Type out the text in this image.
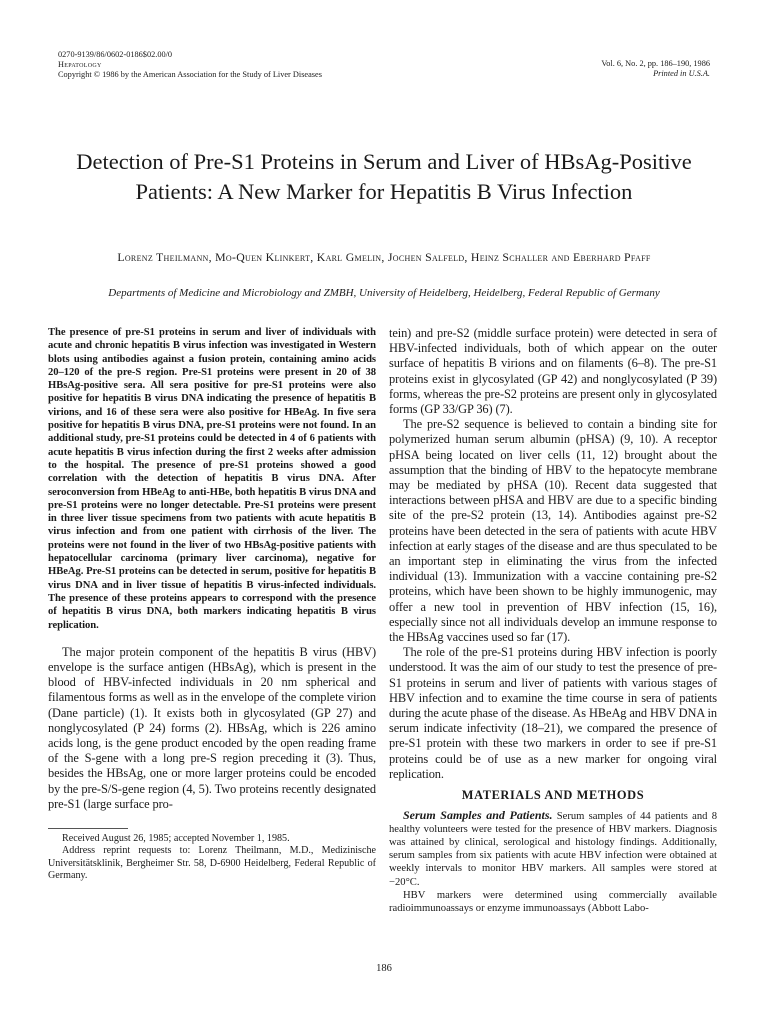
0270-9139/86/0602-0186$02.00/0
Hepatology
Copyright © 1986 by the American Association for the Study of Liver Diseases
Vol. 6, No. 2, pp. 186–190, 1986
Printed in U.S.A.
Detection of Pre-S1 Proteins in Serum and Liver of HBsAg-Positive Patients: A New Marker for Hepatitis B Virus Infection
Lorenz Theilmann, Mo-Quen Klinkert, Karl Gmelin, Jochen Salfeld, Heinz Schaller and Eberhard Pfaff
Departments of Medicine and Microbiology and ZMBH, University of Heidelberg, Heidelberg, Federal Republic of Germany

The presence of pre-S1 proteins in serum and liver of individuals with acute and chronic hepatitis B virus infection was investigated in Western blots using antibodies against a fusion protein, containing amino acids 20–120 of the pre-S region. Pre-S1 proteins were present in 20 of 38 HBsAg-positive sera. All sera positive for pre-S1 proteins were also positive for hepatitis B virus DNA indicating the presence of hepatitis B virions, and 16 of these sera were also positive for HBeAg. In five sera positive for hepatitis B virus DNA, pre-S1 proteins were not found. In an additional study, pre-S1 proteins could be detected in 4 of 6 patients with acute hepatitis B virus infection during the first 2 weeks after admission to the hospital. The presence of pre-S1 proteins showed a good correlation with the detection of hepatitis B virus DNA. After seroconversion from HBeAg to anti-HBe, both hepatitis B virus DNA and pre-S1 proteins were no longer detectable. Pre-S1 proteins were present in three liver tissue specimens from two patients with acute hepatitis B virus infection and from one patient with cirrhosis of the liver. The proteins were not found in the liver of two HBsAg-positive patients with hepatocellular carcinoma (primary liver carcinoma), negative for HBeAg. Pre-S1 proteins can be detected in serum, positive for hepatitis B virus DNA and in liver tissue of hepatitis B virus-infected individuals. The presence of these proteins appears to correspond with the presence of hepatitis B virus DNA, both markers indicating hepatitis B virus replication.

The major protein component of the hepatitis B virus (HBV) envelope is the surface antigen (HBsAg), which is present in the blood of HBV-infected individuals in 20 nm spherical and filamentous forms as well as in the envelope of the complete virion (Dane particle) (1). It exists both in glycosylated (GP 27) and nonglycosylated (P 24) forms (2). HBsAg, which is 226 amino acids long, is the gene product encoded by the open reading frame of the S-gene with a long pre-S region preceding it (3). Thus, besides the HBsAg, one or more larger proteins could be encoded by the pre-S/S-gene region (4, 5). Two proteins recently designated pre-S1 (large surface pro-

Received August 26, 1985; accepted November 1, 1985.

Address reprint requests to: Lorenz Theilmann, M.D., Medizinische Universitätsklinik, Bergheimer Str. 58, D-6900 Heidelberg, Federal Republic of Germany.

tein) and pre-S2 (middle surface protein) were detected in sera of HBV-infected individuals, both of which appear on the outer surface of hepatitis B virions and on filaments (6–8). The pre-S1 proteins exist in glycosylated (GP 42) and nonglycosylated (P 39) forms, whereas the pre-S2 proteins are present only in glycosylated forms (GP 33/GP 36) (7).

The pre-S2 sequence is believed to contain a binding site for polymerized human serum albumin (pHSA) (9, 10). A receptor pHSA being located on liver cells (11, 12) brought about the assumption that the binding of HBV to the hepatocyte membrane may be mediated by pHSA (10). Recent data suggested that interactions between pHSA and HBV are due to a specific binding site of the pre-S2 protein (13, 14). Antibodies against pre-S2 proteins have been detected in the sera of patients with acute HBV infection at early stages of the disease and are thus speculated to be an important step in eliminating the virus from the infected individual (13). Immunization with a vaccine containing pre-S2 proteins, which have been shown to be highly immunogenic, may offer a new tool in prevention of HBV infection (15, 16), especially since not all individuals develop an immune response to the HBsAg vaccines used so far (17).

The role of the pre-S1 proteins during HBV infection is poorly understood. It was the aim of our study to test the presence of pre-S1 proteins in serum and liver of patients with various stages of HBV infection and to examine the time course in sera of patients during the acute phase of the disease. As HBeAg and HBV DNA in serum indicate infectivity (18–21), we compared the presence of pre-S1 protein with these two markers in order to see if pre-S1 proteins could be of use as a new marker for ongoing viral replication.

MATERIALS AND METHODS

Serum Samples and Patients. Serum samples of 44 patients and 8 healthy volunteers were tested for the presence of HBV markers. Diagnosis was attained by clinical, serological and histology findings. Additionally, serum samples from six patients with acute HBV infection were obtained at weekly intervals to monitor HBV markers. All samples were stored at −20°C.

HBV markers were determined using commercially available radioimmunoassays or enzyme immunoassays (Abbott Labo-

186
